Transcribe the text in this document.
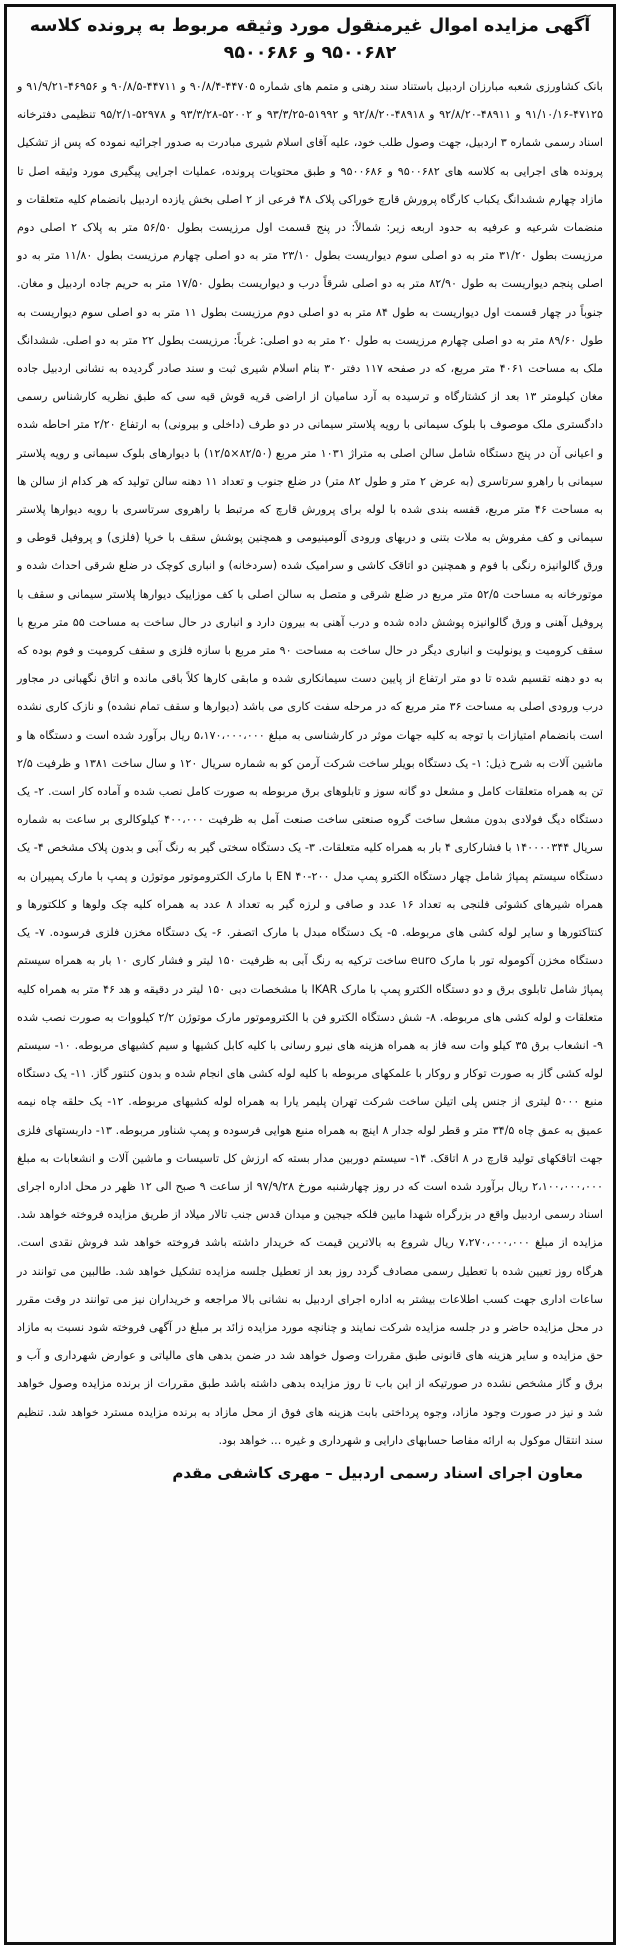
آگهی مزایده اموال غیرمنقول مورد وثیقه مربوط به پرونده کلاسه ۹۵۰۰۶۸۲ و ۹۵۰۰۶۸۶

بانک کشاورزی شعبه مبارزان اردبیل باستناد سند رهنی و متمم های شماره ۴۴۷۰۵-۹۰/۸/۴ و ۴۴۷۱۱-۹۰/۸/۵ و ۴۶۹۵۶-۹۱/۹/۲۱ و ۴۷۱۲۵-۹۱/۱۰/۱۶ و ۴۸۹۱۱-۹۲/۸/۲۰ و ۴۸۹۱۸-۹۲/۸/۲۰ و ۵۱۹۹۲-۹۳/۳/۲۵ و ۵۲۰۰۲-۹۳/۳/۲۸ و ۵۲۹۷۸-۹۵/۲/۱ تنظیمی دفترخانه اسناد رسمی شماره ۳ اردبیل، جهت وصول طلب خود، علیه آقای اسلام شیری مبادرت به صدور اجرائیه نموده که پس از تشکیل پرونده های اجرایی به کلاسه های ۹۵۰۰۶۸۲ و ۹۵۰۰۶۸۶ و طبق محتویات پرونده، عملیات اجرایی پیگیری مورد وثیقه اصل تا مازاد چهارم ششدانگ یکباب کارگاه پرورش قارچ خوراکی پلاک ۴۸ فرعی از ۲ اصلی بخش یازده اردبیل بانضمام کلیه متعلقات و منضمات شرعیه و عرفیه به حدود اربعه زیر: شمالاً: در پنج قسمت اول مرزیست بطول ۵۶/۵۰ متر به پلاک ۲ اصلی دوم مرزیست بطول ۳۱/۲۰ متر به دو اصلی سوم دیواریست بطول ۲۳/۱۰ متر به دو اصلی چهارم مرزیست بطول ۱۱/۸۰ متر به دو اصلی پنجم دیواریست به طول ۸۲/۹۰ متر به دو اصلی شرقاً درب و دیواریست بطول ۱۷/۵۰ متر به حریم جاده اردبیل و مغان. جنوباً در چهار قسمت اول دیواریست به طول ۸۴ متر به دو اصلی دوم مرزیست بطول ۱۱ متر به دو اصلی سوم دیواریست به طول ۸۹/۶۰ متر به دو اصلی چهارم مرزیست به طول ۲۰ متر به دو اصلی: غرباً: مرزیست بطول ۲۲ متر به دو اصلی. ششدانگ ملک به مساحت ۴۰۶۱ متر مربع، که در صفحه ۱۱۷ دفتر ۳۰ بنام اسلام شیری ثبت و سند صادر گردیده به نشانی اردبیل جاده مغان کیلومتر ۱۳ بعد از کشتارگاه و ترسیده به آرد سامیان از اراضی قریه قوش قیه سی که طبق نظریه کارشناس رسمی دادگستری ملک موصوف با بلوک سیمانی با رویه پلاستر سیمانی در دو طرف (داخلی و بیرونی) به ارتفاع ۲/۲۰ متر احاطه شده و اعیانی آن در پنج دستگاه شامل سالن اصلی به متراژ ۱۰۳۱ متر مربع (۸۲/۵۰×۱۲/۵) با دیوارهای بلوک سیمانی و رویه پلاستر سیمانی با راهرو سرتاسری (به عرض ۲ متر و طول ۸۲ متر) در ضلع جنوب و تعداد ۱۱ دهنه سالن تولید که هر کدام از سالن ها به مساحت ۴۶ متر مربع، قفسه بندی شده با لوله برای پرورش قارچ که مرتبط با راهروی سرتاسری با رویه دیوارها پلاستر سیمانی و کف مفروش به ملات بتنی و دربهای ورودی آلومینیومی و همچنین پوشش سقف با خرپا (فلزی) و پروفیل قوطی و ورق گالوانیزه رنگی با فوم و همچنین دو اتاقک کاشی و سرامیک شده (سردخانه) و انباری کوچک در ضلع شرقی احداث شده و موتورخانه به مساحت ۵۲/۵ متر مربع در ضلع شرقی و متصل به سالن اصلی با کف موزاییک دیوارها پلاستر سیمانی و سقف با پروفیل آهنی و ورق گالوانیزه پوشش داده شده و درب آهنی به بیرون دارد و انباری در حال ساخت به مساحت ۵۵ متر مربع با سقف کرومیت و یونولیت و انباری دیگر در حال ساخت به مساحت ۹۰ متر مربع با سازه فلزی و سقف کرومیت و فوم بوده که به دو دهنه تقسیم شده تا دو متر ارتفاع از پایین دست سیمانکاری شده و مابقی کارها کلاً باقی مانده و اتاق نگهبانی در مجاور درب ورودی اصلی به مساحت ۳۶ متر مربع که در مرحله سفت کاری می باشد (دیوارها و سقف تمام نشده) و نازک کاری نشده است بانضمام امتیازات با توجه به کلیه جهات موثر در کارشناسی به مبلغ ۵،۱۷۰،۰۰۰،۰۰۰ ریال برآورد شده است و دستگاه ها و ماشین آلات به شرح ذیل: ۱- یک دستگاه بویلر ساخت شرکت آرمن کو به شماره سریال ۱۲۰ و سال ساخت ۱۳۸۱ و ظرفیت ۲/۵ تن به همراه متعلقات کامل و مشعل دو گانه سوز و تابلوهای برق مربوطه به صورت کامل نصب شده و آماده کار است. ۲- یک دستگاه دیگ فولادی بدون مشعل ساخت گروه صنعتی ساخت صنعت آمل به ظرفیت ۴۰۰،۰۰۰ کیلوکالری بر ساعت به شماره سریال ۱۴۰۰۰۰۳۴۴ با فشارکاری ۴ بار به همراه کلیه متعلقات. ۳- یک دستگاه سختی گیر به رنگ آبی و بدون پلاک مشخص ۴- یک دستگاه سیستم پمپاژ شامل چهار دستگاه الکترو پمپ مدل EN ۴۰-۲۰۰ با مارک الکتروموتور موتوژن و پمپ با مارک پمپیران به همراه شیرهای کشوئی فلنجی به تعداد ۱۶ عدد و صافی و لرزه گیر به تعداد ۸ عدد به همراه کلیه چک ولوها و کلکتورها و کنتاکتورها و سایر لوله کشی های مربوطه. ۵- یک دستگاه مبدل با مارک اتصفر. ۶- یک دستگاه مخزن فلزی فرسوده. ۷- یک دستگاه مخزن آکوموله تور با مارک euro ساخت ترکیه به رنگ آبی به ظرفیت ۱۵۰ لیتر و فشار کاری ۱۰ بار به همراه سیستم پمپاژ شامل تابلوی برق و دو دستگاه الکترو پمپ با مارک IKAR با مشخصات دبی ۱۵۰ لیتر در دقیقه و هد ۴۶ متر به همراه کلیه متعلقات و لوله کشی های مربوطه. ۸- شش دستگاه الکترو فن با الکتروموتور مارک موتوژن ۲/۲ کیلووات به صورت نصب شده ۹- انشعاب برق ۳۵ کیلو وات سه فاز به همراه هزینه های نیرو رسانی با کلیه کابل کشیها و سیم کشیهای مربوطه. ۱۰- سیستم لوله کشی گاز به صورت توکار و روکار با علمکهای مربوطه با کلیه لوله کشی های انجام شده و بدون کنتور گاز. ۱۱- یک دستگاه منبع ۵۰۰۰ لیتری از جنس پلی اتیلن ساخت شرکت تهران پلیمر یارا به همراه لوله کشیهای مربوطه. ۱۲- یک حلقه چاه نیمه عمیق به عمق چاه ۳۴/۵ متر و قطر لوله جدار ۸ اینچ به همراه منبع هوایی فرسوده و پمپ شناور مربوطه. ۱۳- داربستهای فلزی جهت اتاقکهای تولید قارچ در ۸ اتاقک. ۱۴- سیستم دوربین مدار بسته که ارزش کل تاسیسات و ماشین آلات و انشعابات به مبلغ ۲،۱۰۰،۰۰۰،۰۰۰ ریال برآورد شده است که در روز چهارشنبه مورخ ۹۷/۹/۲۸ از ساعت ۹ صبح الی ۱۲ ظهر در محل اداره اجرای اسناد رسمی اردبیل واقع در بزرگراه شهدا مابین فلکه جیجین و میدان قدس جنب تالار میلاد از طریق مزایده فروخته خواهد شد. مزایده از مبلغ ۷،۲۷۰،۰۰۰،۰۰۰ ریال شروع به بالاترین قیمت که خریدار داشته باشد فروخته خواهد شد فروش نقدی است. هرگاه روز تعیین شده با تعطیل رسمی مصادف گردد روز بعد از تعطیل جلسه مزایده تشکیل خواهد شد. طالبین می توانند در ساعات اداری جهت کسب اطلاعات بیشتر به اداره اجرای اردبیل به نشانی بالا مراجعه و خریداران نیز می توانند در وقت مقرر در محل مزایده حاضر و در جلسه مزایده شرکت نمایند و چنانچه مورد مزایده زائد بر مبلغ در آگهی فروخته شود نسبت به مازاد حق مزایده و سایر هزینه های قانونی طبق مقررات وصول خواهد شد در ضمن بدهی های مالیاتی و عوارض شهرداری و آب و برق و گاز مشخص نشده در صورتیکه از این باب تا روز مزایده بدهی داشته باشد طبق مقررات از برنده مزایده وصول خواهد شد و نیز در صورت وجود مازاد، وجوه پرداختی بابت هزینه های فوق از محل مازاد به برنده مزایده مسترد خواهد شد. تنظیم سند انتقال موکول به ارائه مفاصا حسابهای دارایی و شهرداری و غیره ... خواهد بود.

معاون اجرای اسناد رسمی اردبیل – مهری کاشفی مقدم
